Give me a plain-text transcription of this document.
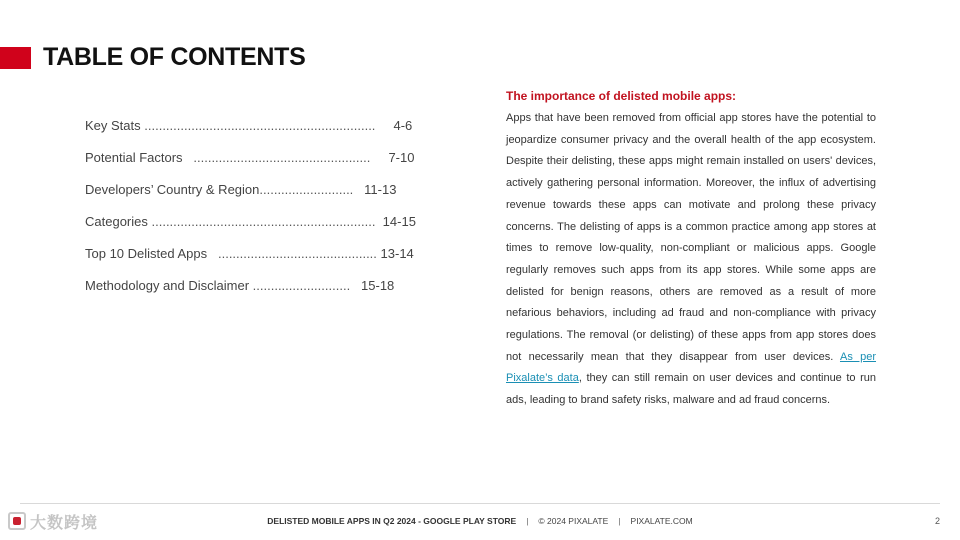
TABLE OF CONTENTS
Key Stats ................................................................ 4-6
Potential Factors ................................................. 7-10
Developers’ Country & Region.......................... 11-13
Categories .............................................................. 14-15
Top 10 Delisted Apps ............................................ 13-14
Methodology and Disclaimer ........................... 15-18

The importance of delisted mobile apps:

Apps that have been removed from official app stores have the potential to jeopardize consumer privacy and the overall health of the app ecosystem. Despite their delisting, these apps might remain installed on users' devices, actively gathering personal information. Moreover, the influx of advertising revenue towards these apps can motivate and prolong these privacy concerns. The delisting of apps is a common practice among app stores at times to remove low-quality, non-compliant or malicious apps. Google regularly removes such apps from its app stores. While some apps are delisted for benign reasons, others are removed as a result of more nefarious behaviors, including ad fraud and non-compliance with privacy regulations. The removal (or delisting) of these apps from app stores does not necessarily mean that they disappear from user devices. As per Pixalate’s data, they can still remain on user devices and continue to run ads, leading to brand safety risks, malware and ad fraud concerns.

大数跨境	DELISTED MOBILE APPS IN Q2 2024 - GOOGLE PLAY STORE | © 2024 PIXALATE | PIXALATE.COM	2
